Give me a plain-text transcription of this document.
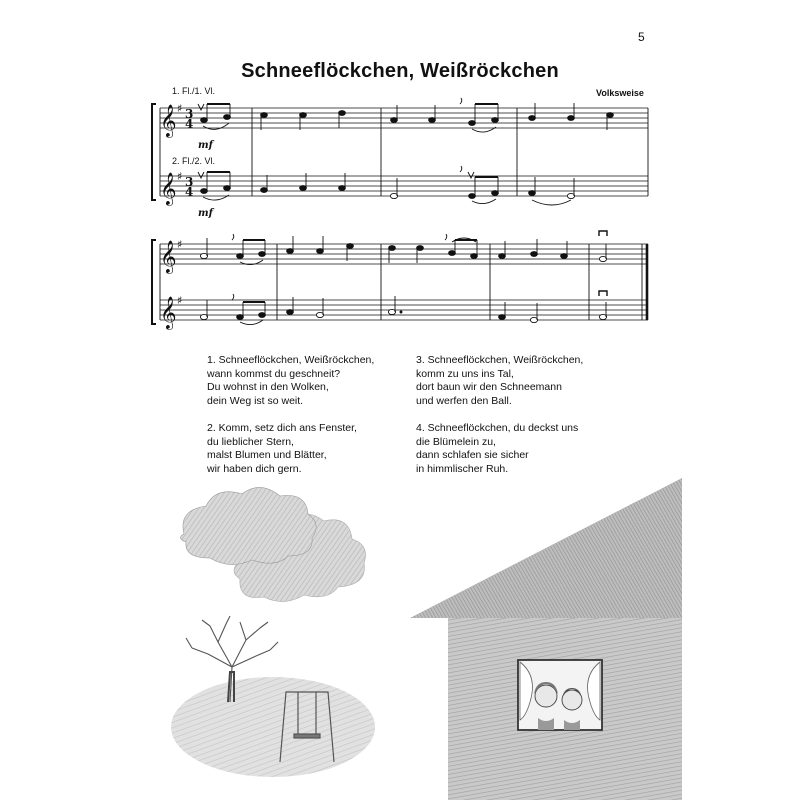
5
Schneeflöckchen, Weißröckchen
1. Fl./1. Vl.
2. Fl./2. Vl.
Volksweise
mf
mf
𝄞
𝄞
𝄞
𝄞
♯
♯
♯
♯
3
4
3
4
1. Schneeflöckchen, Weißröckchen,
wann kommst du geschneit?
Du wohnst in den Wolken,
dein Weg ist so weit.
2. Komm, setz dich ans Fenster,
du lieblicher Stern,
malst Blumen und Blätter,
wir haben dich gern.
3. Schneeflöckchen, Weißröckchen,
komm zu uns ins Tal,
dort baun wir den Schneemann
und werfen den Ball.
4. Schneeflöckchen, du deckst uns
die Blümelein zu,
dann schlafen sie sicher
in himmlischer Ruh.
